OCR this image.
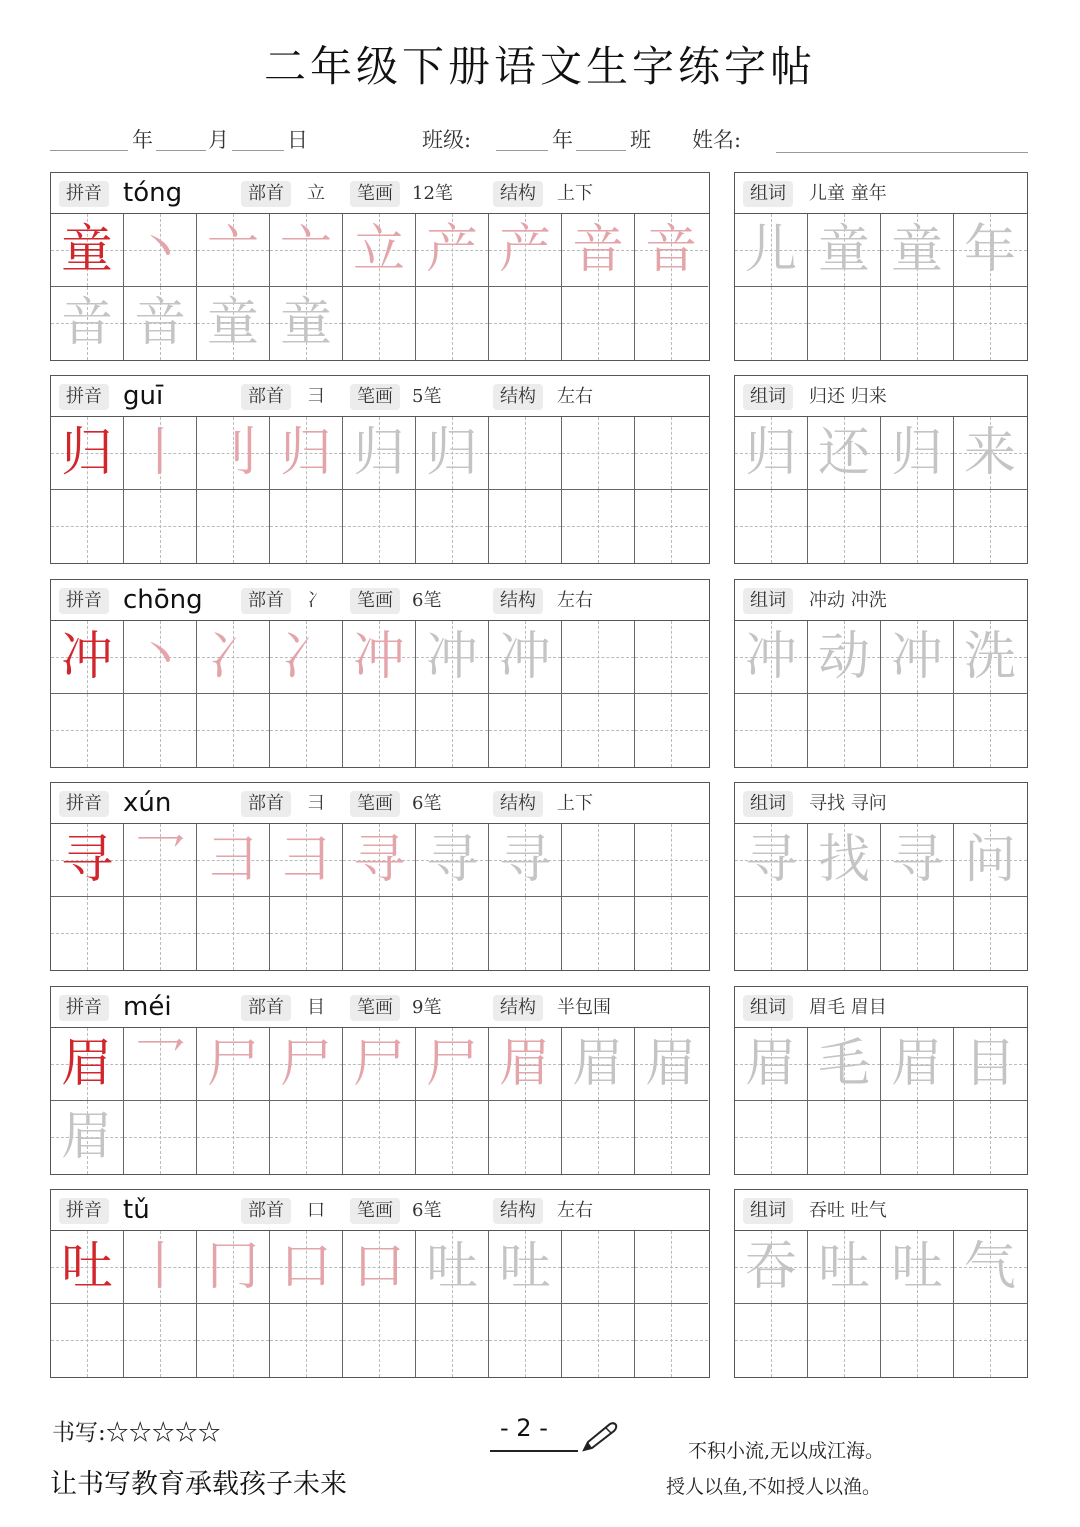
二年级下册语文生字练字帖
年	月	日	班级:	年	班 姓名:
拼音 tóng	部首	立	笔画	12笔	结构	上下
童 丶 亠 亠 立 产 产 音 音
音 音 童 童
组词	儿童 童年
儿 童 童 年
拼音 guī	部首	彐	笔画	5笔	结构	左右
归 丨 刂 归 归 归
组词	归还 归来
归 还 归 来
拼音 chōng	部首	冫	笔画	6笔	结构	左右
冲 丶 冫 冫 冲 冲 冲
组词	冲动 冲洗
冲 动 冲 洗
拼音 xún	部首	彐	笔画	6笔	结构	上下
寻 乛 彐 彐 寻 寻 寻
组词	寻找 寻问
寻 找 寻 问
拼音 méi	部首	目	笔画	9笔	结构	半包围
眉 乛 尸 尸 尸 尸 眉 眉 眉
眉
组词	眉毛 眉目
眉 毛 眉 目
拼音 tǔ	部首	口	笔画	6笔	结构	左右
吐 丨 冂 口 口 吐 吐
组词	吞吐 吐气
吞 吐 吐 气
书写:☆☆☆☆☆
让书写教育承载孩子未来
- 2 -
不积小流,无以成江海。
授人以鱼,不如授人以渔。
